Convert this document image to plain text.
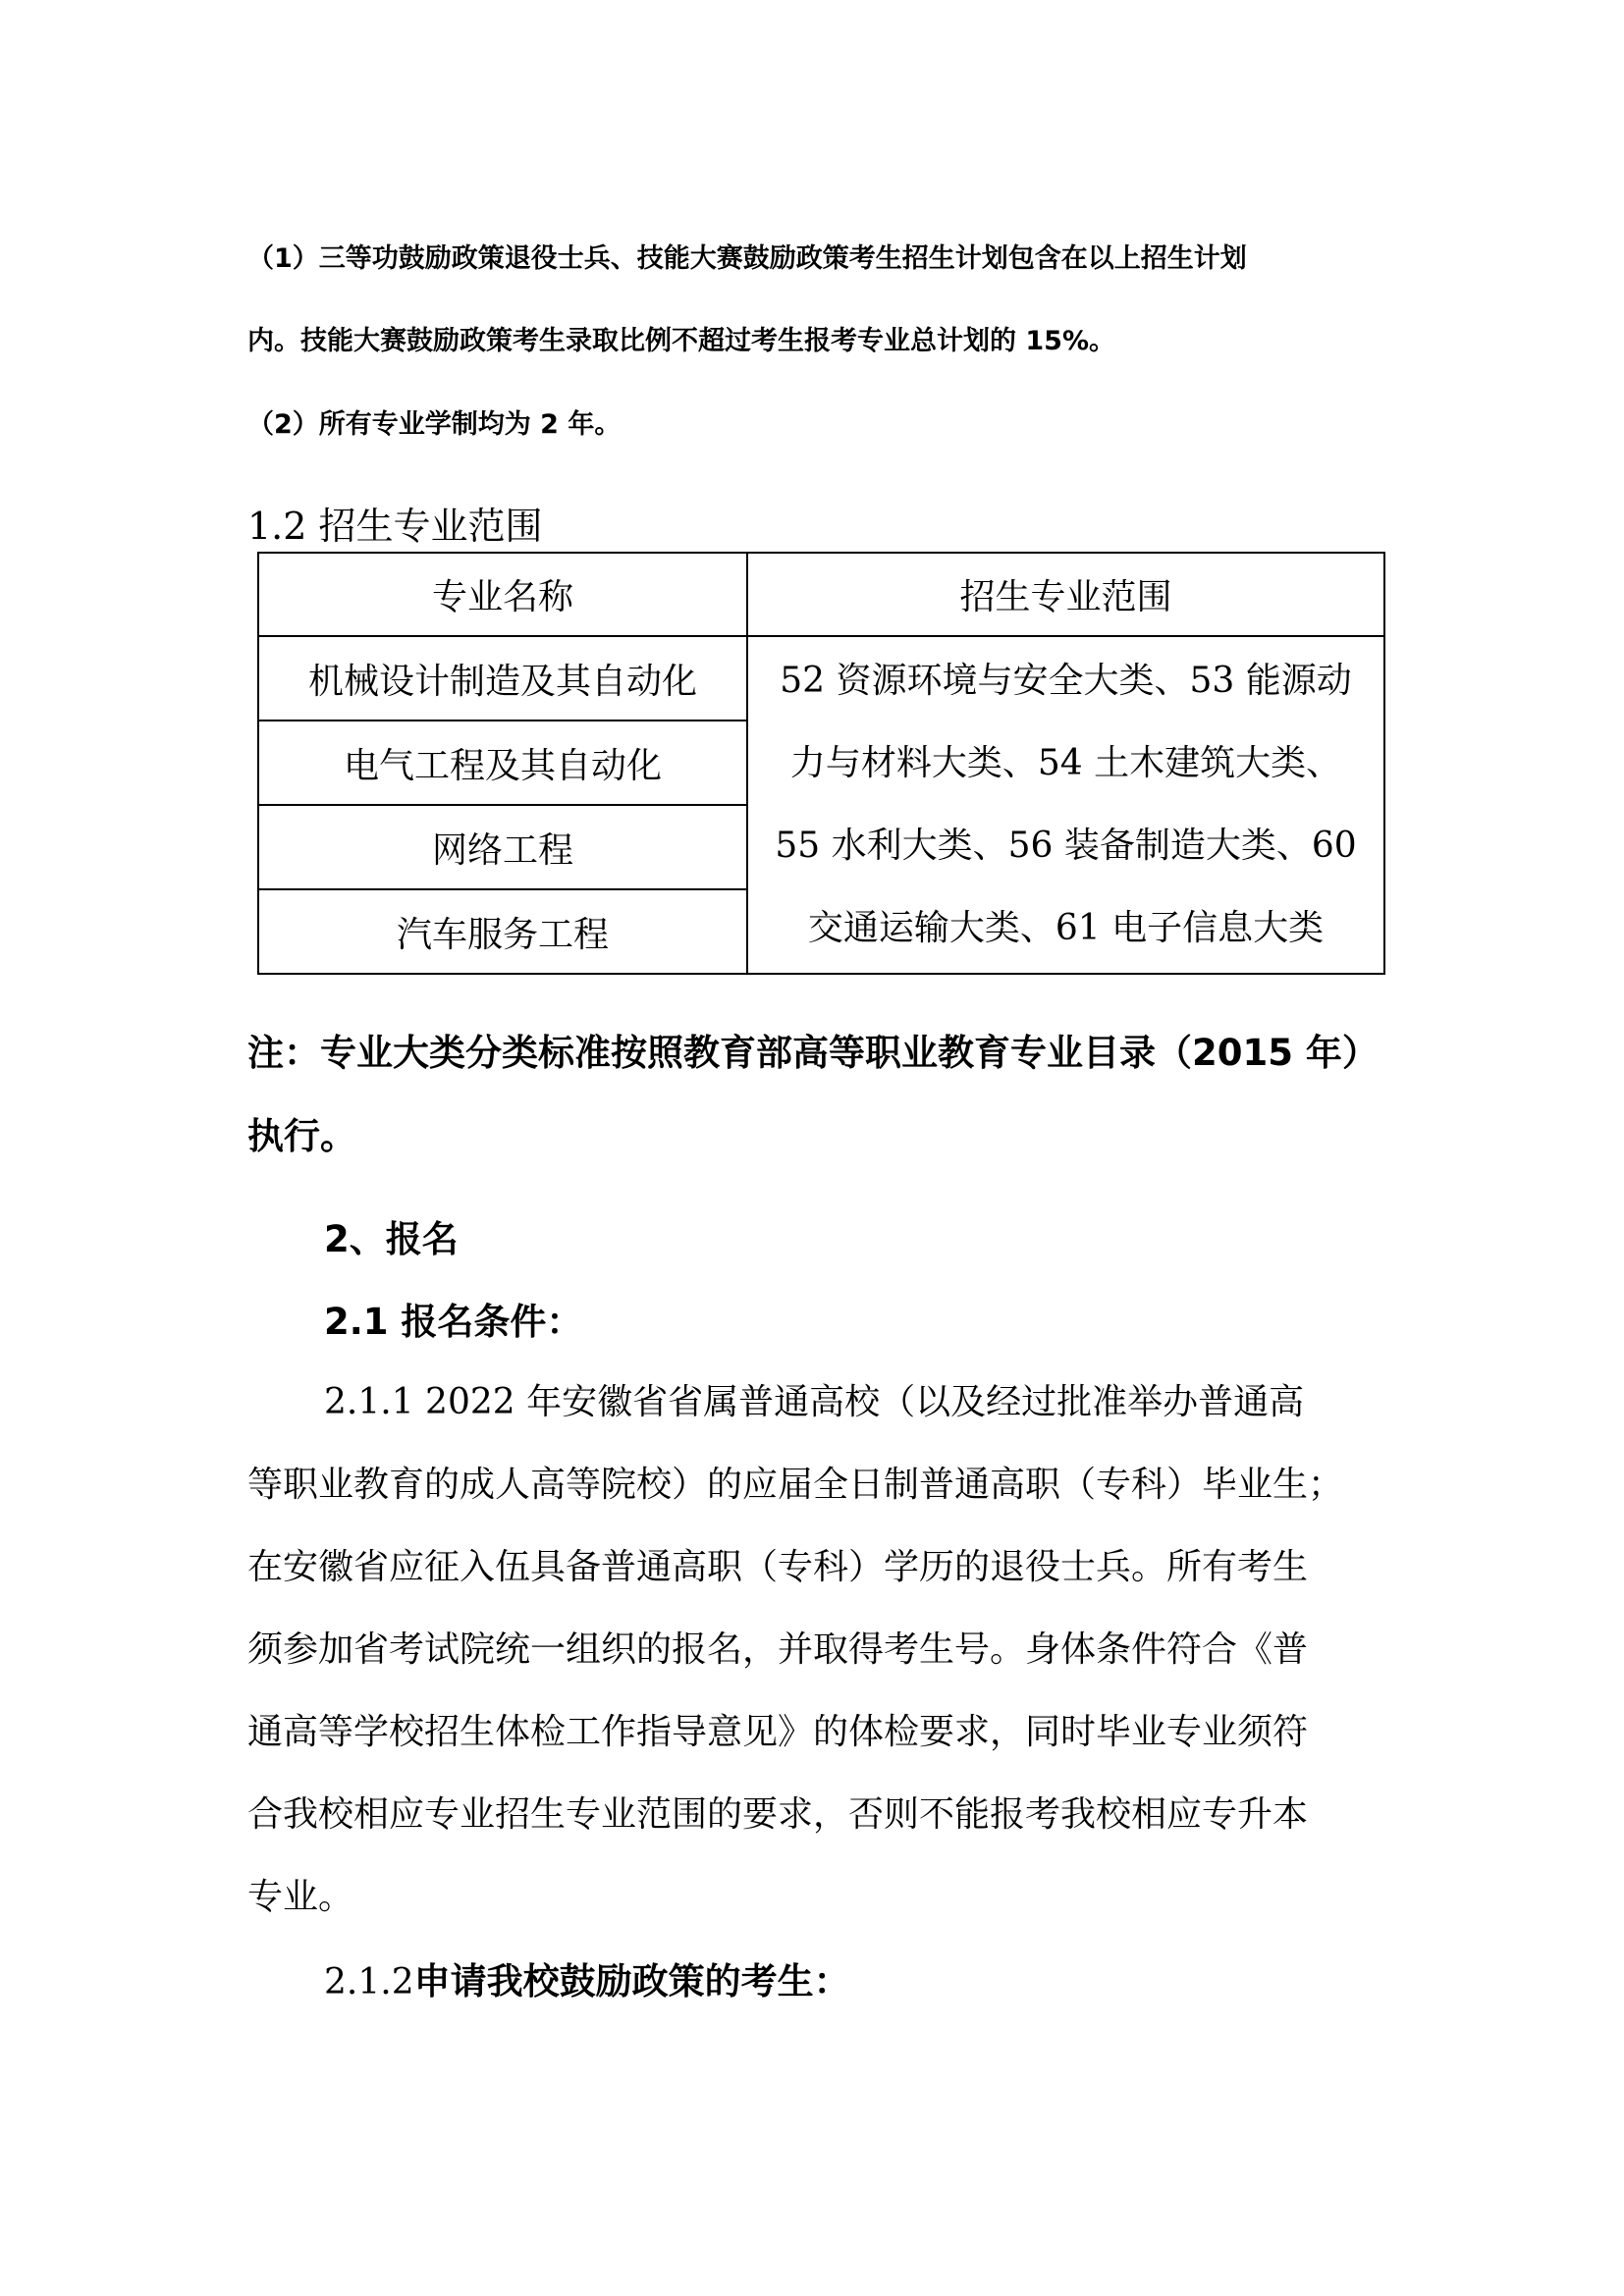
（1）三等功鼓励政策退役士兵、技能大赛鼓励政策考生招生计划包含在以上招生计划
内。技能大赛鼓励政策考生录取比例不超过考生报考专业总计划的 15%。
（2）所有专业学制均为 2 年。
1.2 招生专业范围
专业名称	招生专业范围
机械设计制造及其自动化	52 资源环境与安全大类、53 能源动
力与材料大类、54 土木建筑大类、
55 水利大类、56 装备制造大类、60
交通运输大类、61 电子信息大类

电气工程及其自动化	
网络工程	
汽车服务工程	
注：专业大类分类标准按照教育部高等职业教育专业目录（2015 年）
执行。
2、报名
2.1 报名条件：
2.1.1 2022 年安徽省省属普通高校（以及经过批准举办普通高
等职业教育的成人高等院校）的应届全日制普通高职（专科）毕业生；
在安徽省应征入伍具备普通高职（专科）学历的退役士兵。所有考生
须参加省考试院统一组织的报名，并取得考生号。身体条件符合《普
通高等学校招生体检工作指导意见》的体检要求，同时毕业专业须符
合我校相应专业招生专业范围的要求，否则不能报考我校相应专升本
专业。
2.1.2申请我校鼓励政策的考生：
